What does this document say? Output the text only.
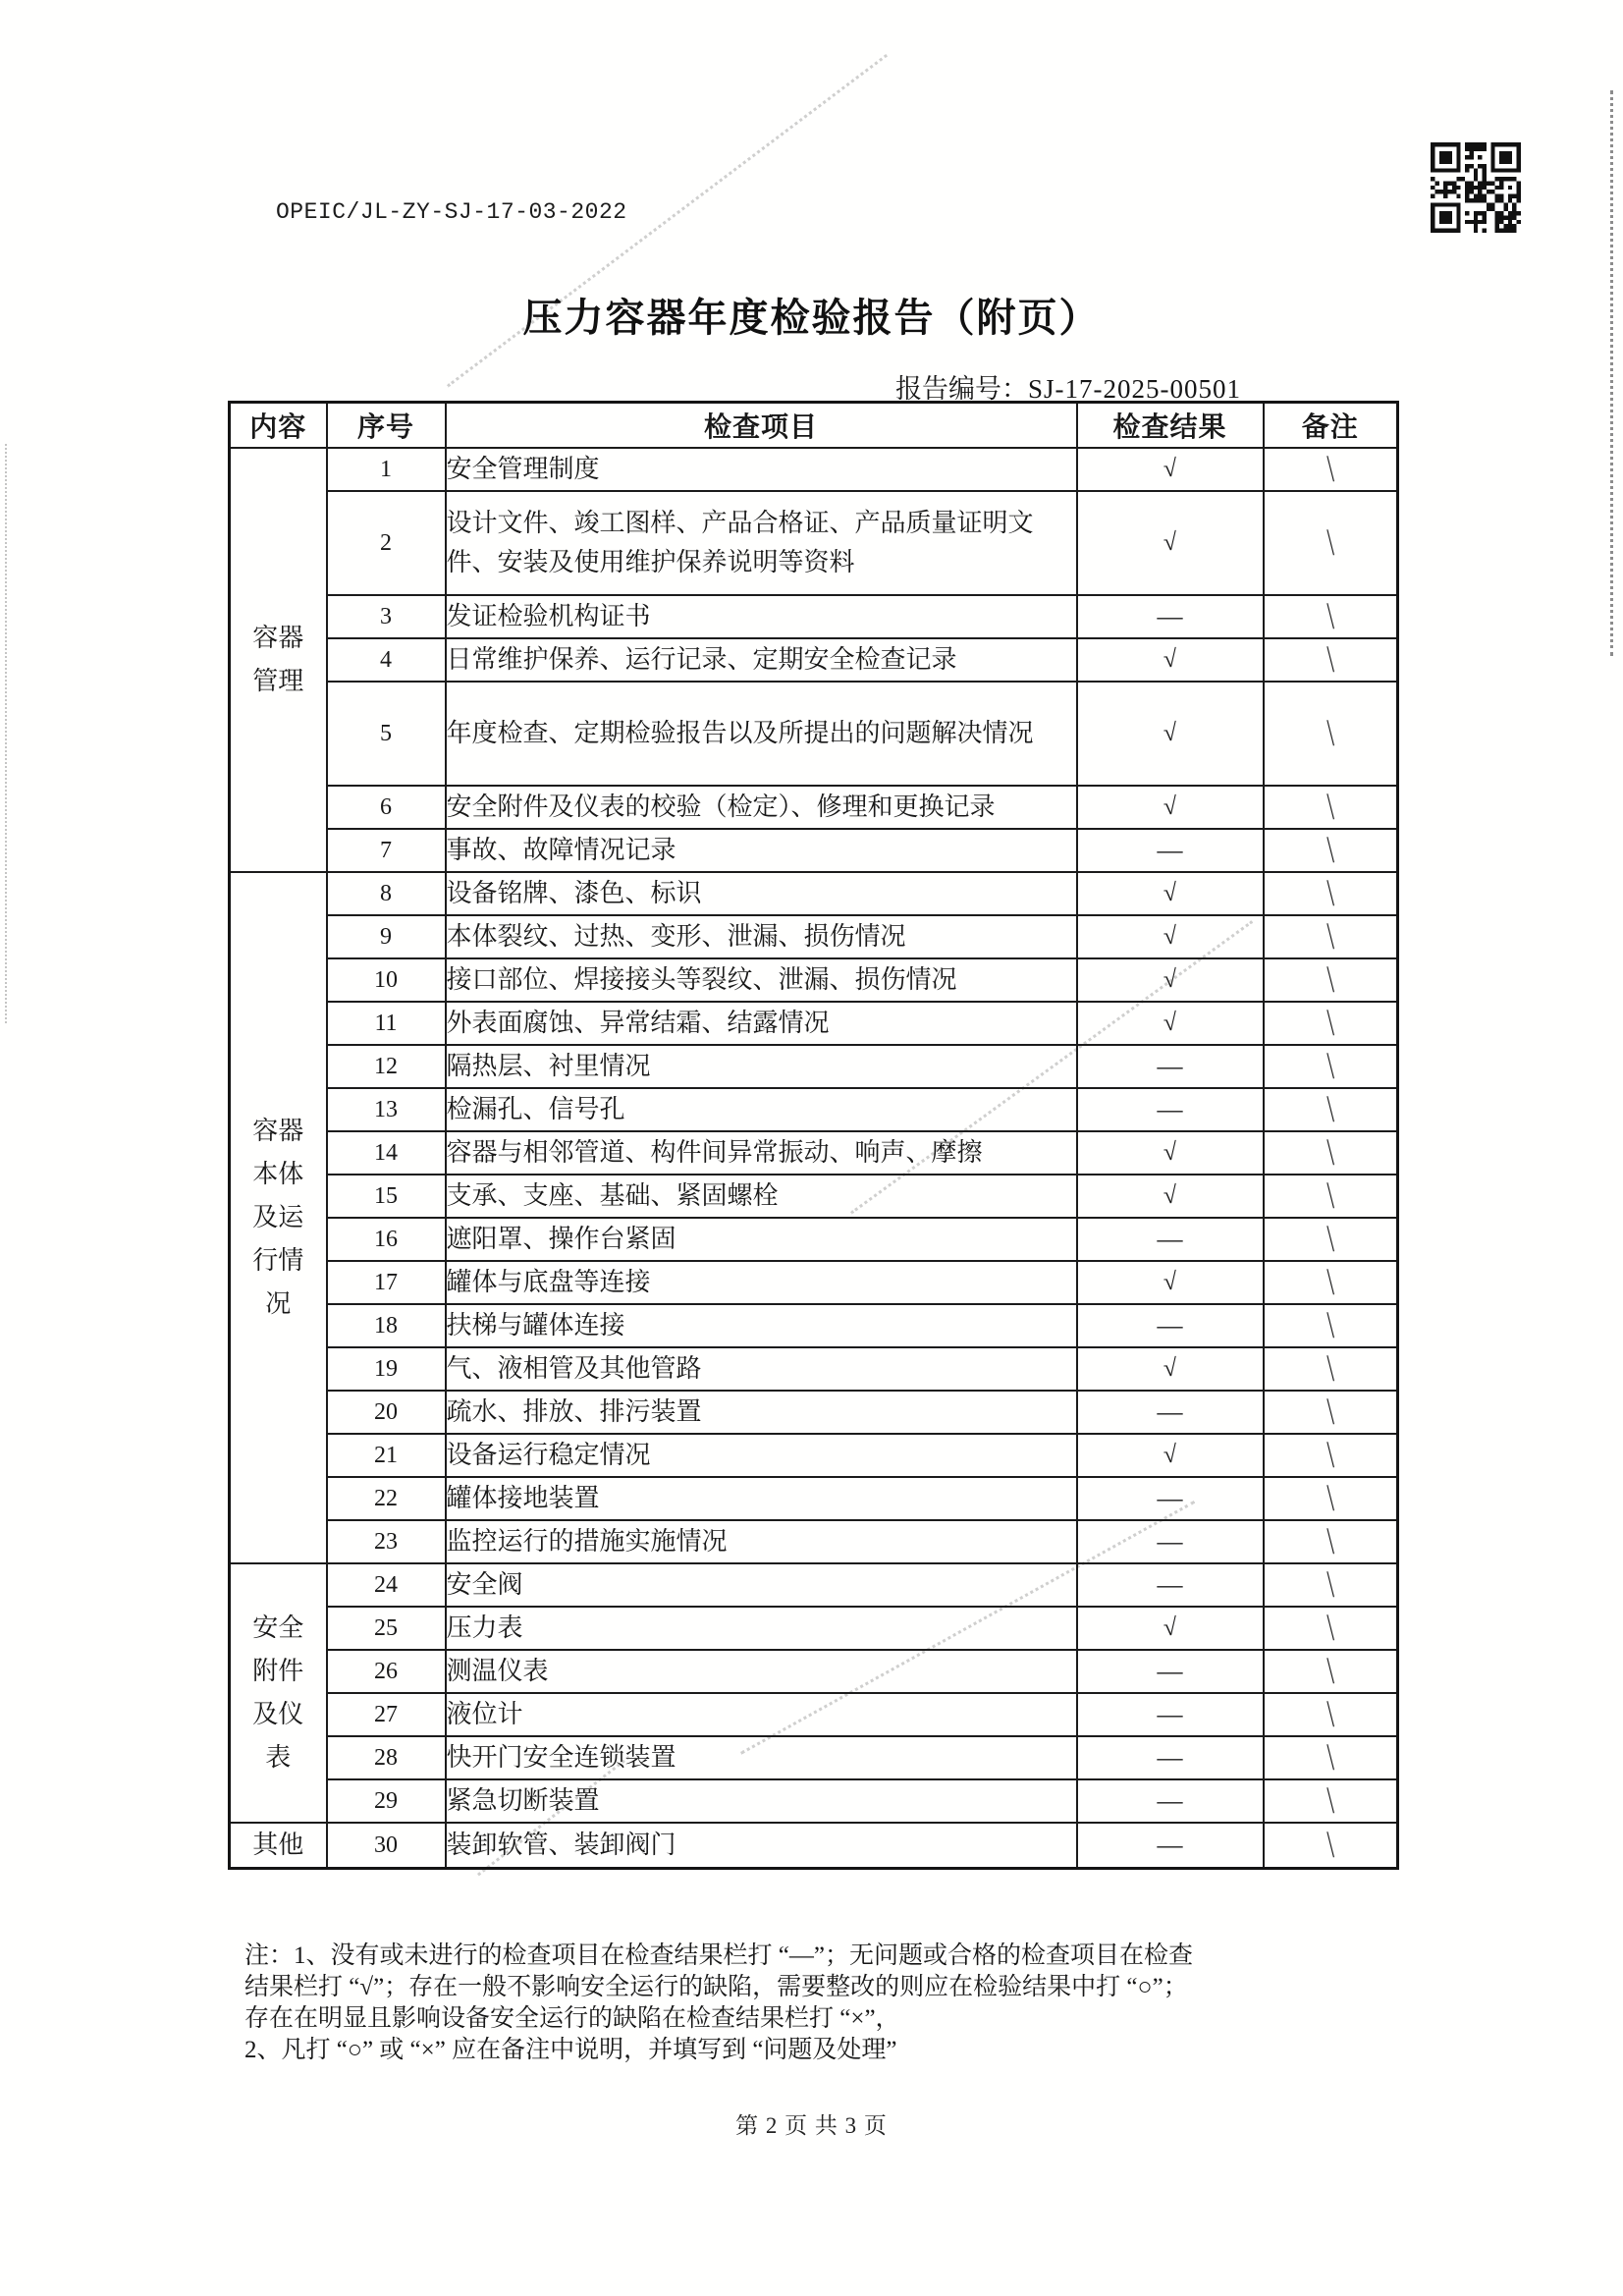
OPEIC/JL-ZY-SJ-17-03-2022
压力容器年度检验报告（附页）
报告编号：SJ-17-2025-00501
内容	序号	检查项目	检查结果	备注
容器管理	1	安全管理制度	√	\
	2	设计文件、竣工图样、产品合格证、产品质量证明文件、安装及使用维护保养说明等资料	√	\
	3	发证检验机构证书	—	\
	4	日常维护保养、运行记录、定期安全检查记录	√	\
	5	年度检查、定期检验报告以及所提出的问题解决情况	√	\
	6	安全附件及仪表的校验（检定）、修理和更换记录	√	\
	7	事故、故障情况记录	—	\
容器本体及运行情况	8	设备铭牌、漆色、标识	√	\
	9	本体裂纹、过热、变形、泄漏、损伤情况	√	\
	10	接口部位、焊接接头等裂纹、泄漏、损伤情况	√	\
	11	外表面腐蚀、异常结霜、结露情况	√	\
	12	隔热层、衬里情况	—	\
	13	检漏孔、信号孔	—	\
	14	容器与相邻管道、构件间异常振动、响声、摩擦	√	\
	15	支承、支座、基础、紧固螺栓	√	\
	16	遮阳罩、操作台紧固	—	\
	17	罐体与底盘等连接	√	\
	18	扶梯与罐体连接	—	\
	19	气、液相管及其他管路	√	\
	20	疏水、排放、排污装置	—	\
	21	设备运行稳定情况	√	\
	22	罐体接地装置	—	\
	23	监控运行的措施实施情况	—	\
安全附件及仪表	24	安全阀	—	\
	25	压力表	√	\
	26	测温仪表	—	\
	27	液位计	—	\
	28	快开门安全连锁装置	—	\
	29	紧急切断装置	—	\
其他	30	装卸软管、装卸阀门	—	\
注：1、没有或未进行的检查项目在检查结果栏打 “—”；无问题或合格的检查项目在检查
结果栏打 “√”；存在一般不影响安全运行的缺陷，需要整改的则应在检验结果中打 “○”；
存在在明显且影响设备安全运行的缺陷在检查结果栏打 “×”，
2、凡打 “○” 或 “×” 应在备注中说明，并填写到 “问题及处理”
第 2 页 共 3 页
